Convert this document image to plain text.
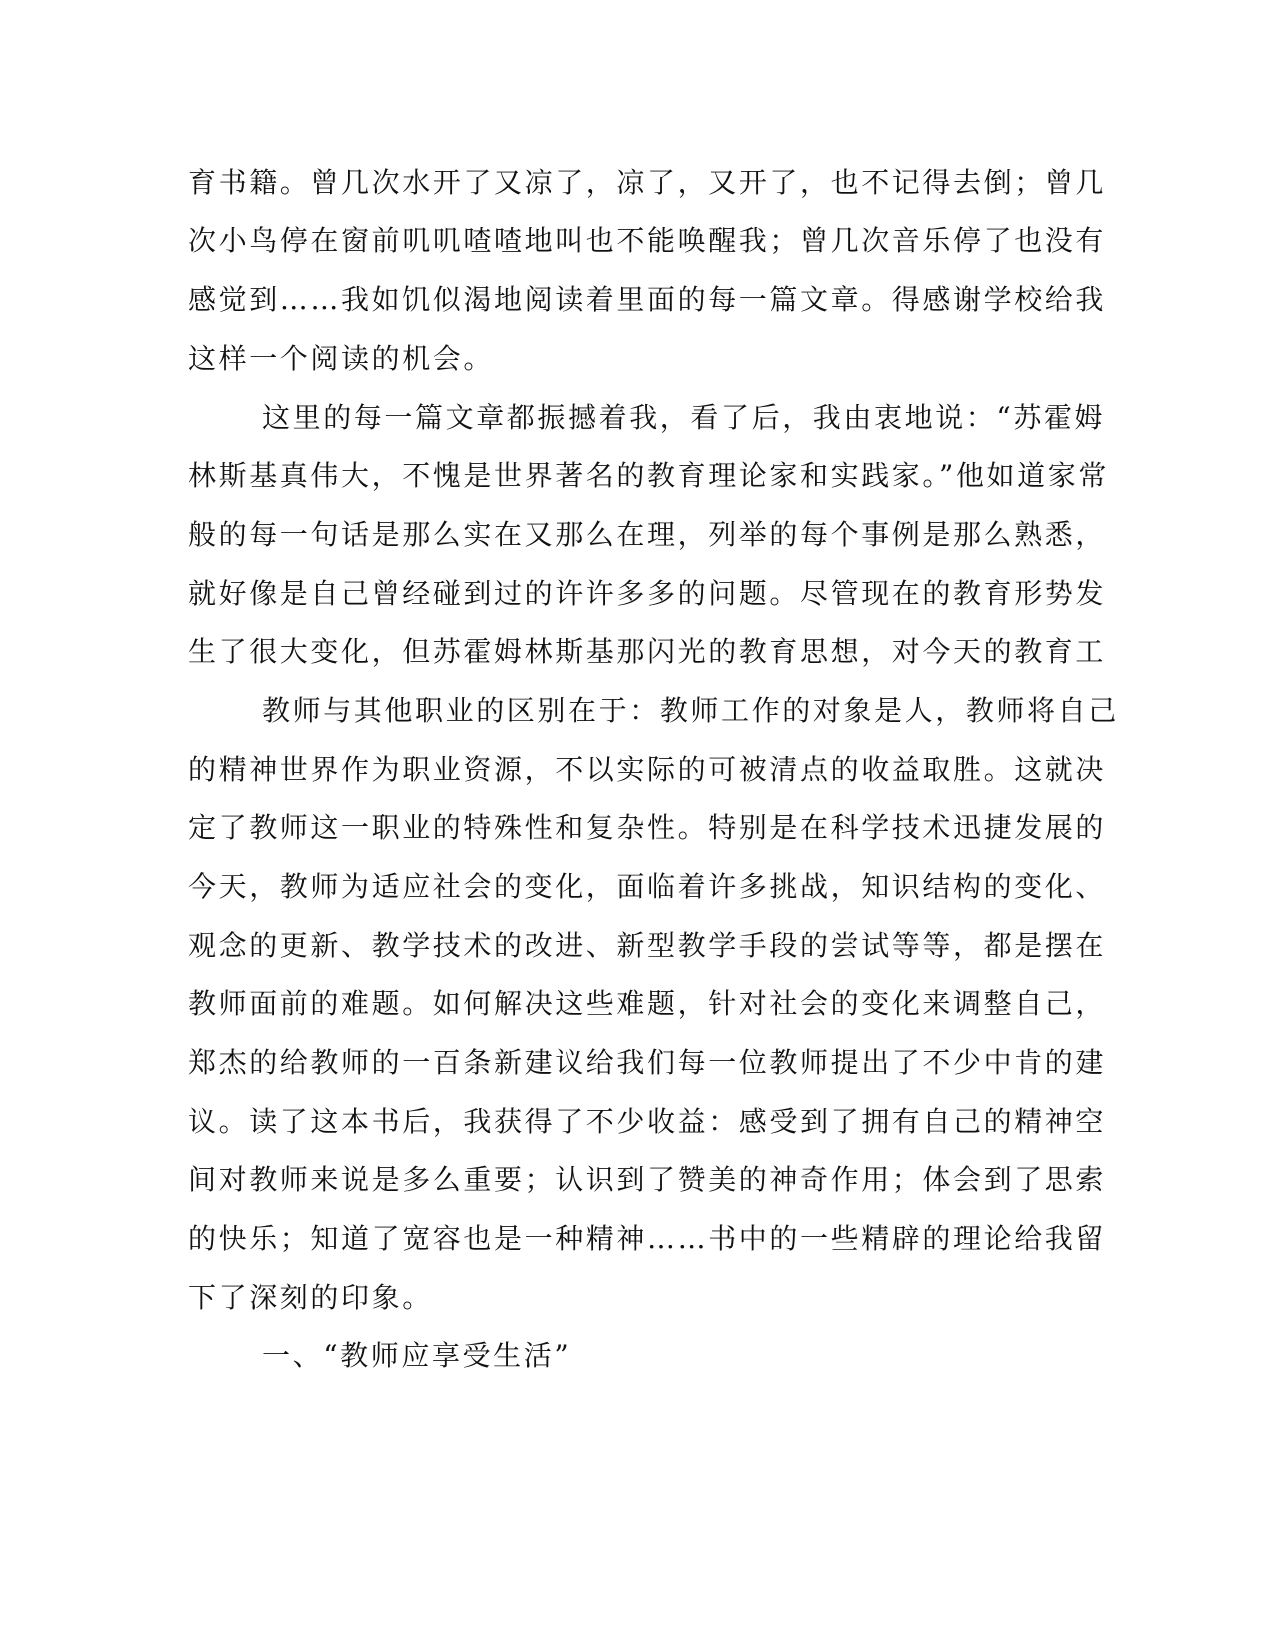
育书籍。曾几次水开了又凉了，凉了，又开了，也不记得去倒；曾几
次小鸟停在窗前叽叽喳喳地叫也不能唤醒我；曾几次音乐停了也没有
感觉到……我如饥似渴地阅读着里面的每一篇文章。得感谢学校给我
这样一个阅读的机会。
这里的每一篇文章都振撼着我，看了后，我由衷地说：“苏霍姆
林斯基真伟大，不愧是世界著名的教育理论家和实践家。”他如道家常
般的每一句话是那么实在又那么在理，列举的每个事例是那么熟悉，
就好像是自己曾经碰到过的许许多多的问题。尽管现在的教育形势发
生了很大变化，但苏霍姆林斯基那闪光的教育思想，对今天的教育工
教师与其他职业的区别在于：教师工作的对象是人，教师将自己
的精神世界作为职业资源，不以实际的可被清点的收益取胜。这就决
定了教师这一职业的特殊性和复杂性。特别是在科学技术迅捷发展的
今天，教师为适应社会的变化，面临着许多挑战，知识结构的变化、
观念的更新、教学技术的改进、新型教学手段的尝试等等，都是摆在
教师面前的难题。如何解决这些难题，针对社会的变化来调整自己，
郑杰的给教师的一百条新建议给我们每一位教师提出了不少中肯的建
议。读了这本书后，我获得了不少收益：感受到了拥有自己的精神空
间对教师来说是多么重要；认识到了赞美的神奇作用；体会到了思索
的快乐；知道了宽容也是一种精神……书中的一些精辟的理论给我留
下了深刻的印象。
一、“教师应享受生活”
